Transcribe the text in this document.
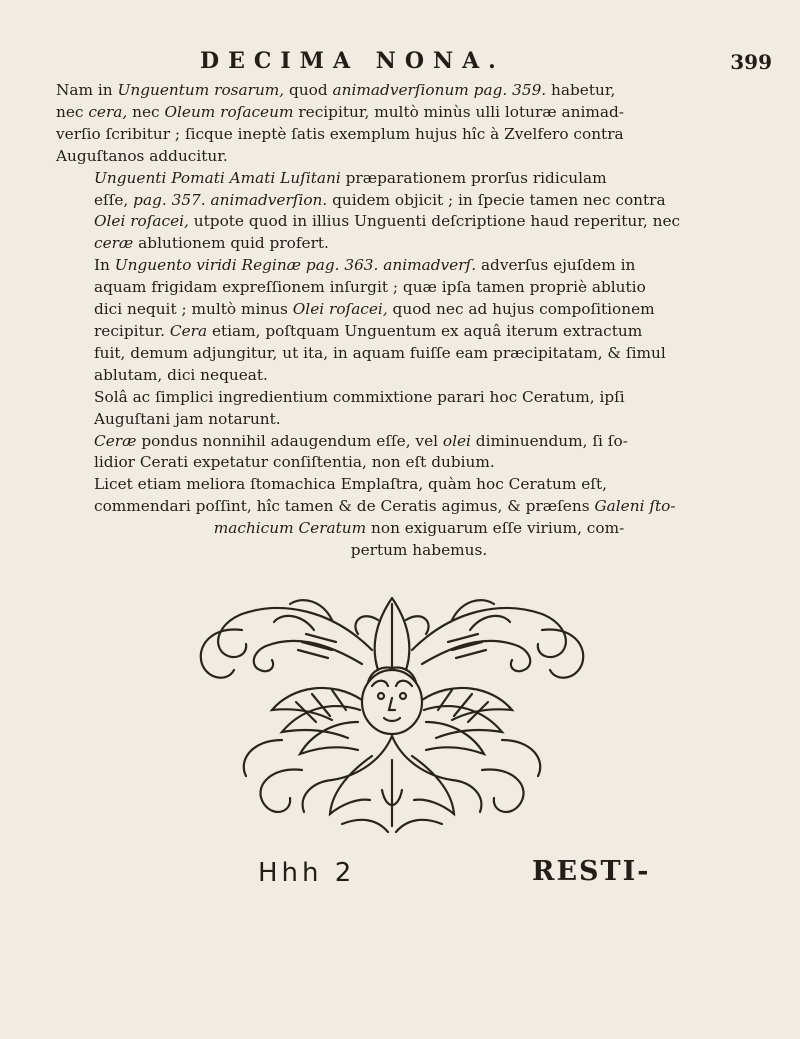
DECIMA NONA.	399

Nam in Unguentum rosarum, quod animadverſionum pag. 359. habetur,
nec cera, nec Oleum roſaceum recipitur, multò minùs ulli loturæ animad-
verſio ſcribitur ; ſicque ineptè ſatis exemplum hujus hîc à Zvelfero contra
Auguſtanos adducitur.

Unguenti Pomati Amati Luſitani præparationem prorſus ridiculam
eſſe, pag. 357. animadverſion. quidem objicit ; in ſpecie tamen nec contra
Olei roſacei, utpote quod in illius Unguenti deſcriptione haud reperitur, nec
ceræ ablutionem quid profert.

In Unguento viridi Reginæ pag. 363. animadverſ. adverſus ejuſdem in
aquam frigidam expreſſionem inſurgit ; quæ ipſa tamen propriè ablutio
dici nequit ; multò minus Olei roſacei, quod nec ad hujus compoſitionem
recipitur. Cera etiam, poſtquam Unguentum ex aquâ iterum extractum
fuit, demum adjungitur, ut ita, in aquam fuiſſe eam præcipitatam, & ſimul
ablutam, dici nequeat.

Solâ ac ſimplici ingredientium commixtione parari hoc Ceratum, ipſi
Auguſtani jam notarunt.

Ceræ pondus nonnihil adaugendum eſſe, vel olei diminuendum, ſi ſo-
lidior Cerati expetatur conſiſtentia, non eſt dubium.

Licet etiam meliora ſtomachica Emplaſtra, quàm hoc Ceratum eſt,
commendari poſſint, hîc tamen & de Ceratis agimus, & præſens Galeni ſto-

machicum Ceratum non exiguarum eſſe virium, com-
pertum habemus.

Hhh 2	RESTI-
